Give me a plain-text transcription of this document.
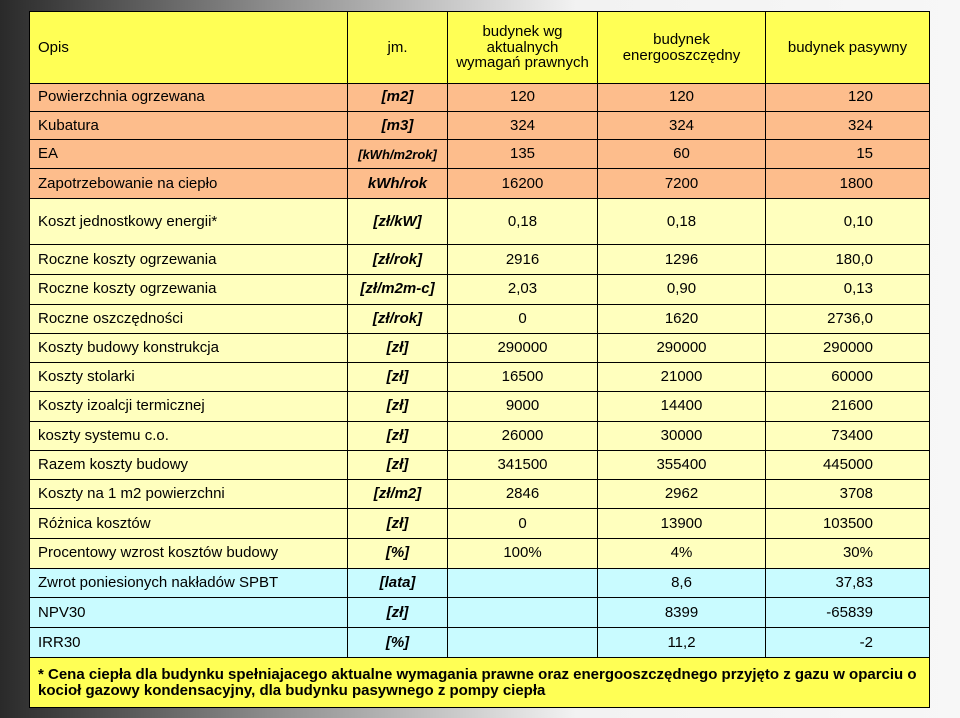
Opis	jm.	budynek wg aktualnych wymagań prawnych	budynek energooszczędny	budynek pasywny
Powierzchnia ogrzewana	[m2]	120	120	120
Kubatura	[m3]	324	324	324
EA	[kWh/m2rok]	135	60	15
Zapotrzebowanie na ciepło	kWh/rok	16200	7200	1800
Koszt jednostkowy energii*	[zł/kW]	0,18	0,18	0,10
Roczne koszty ogrzewania	[zł/rok]	2916	1296	180,0
Roczne koszty ogrzewania	[zł/m2m-c]	2,03	0,90	0,13
Roczne oszczędności	[zł/rok]	0	1620	2736,0
Koszty budowy konstrukcja	[zł]	290000	290000	290000
Koszty stolarki	[zł]	16500	21000	60000
Koszty izoalcji termicznej	[zł]	9000	14400	21600
koszty systemu c.o.	[zł]	26000	30000	73400
Razem koszty budowy	[zł]	341500	355400	445000
Koszty na 1 m2 powierzchni	[zł/m2]	2846	2962	3708
Różnica kosztów	[zł]	0	13900	103500
Procentowy wzrost kosztów budowy	[%]	100%	4%	30%
Zwrot poniesionych nakładów SPBT	[lata]		8,6	37,83
NPV30	[zł]		8399	-65839
IRR30	[%]		11,2	-2
* Cena ciepła dla budynku spełniajacego aktualne wymagania prawne oraz energooszczędnego przyjęto z gazu w oparciu o kocioł gazowy kondensacyjny, dla budynku pasywnego z pompy ciepła				
